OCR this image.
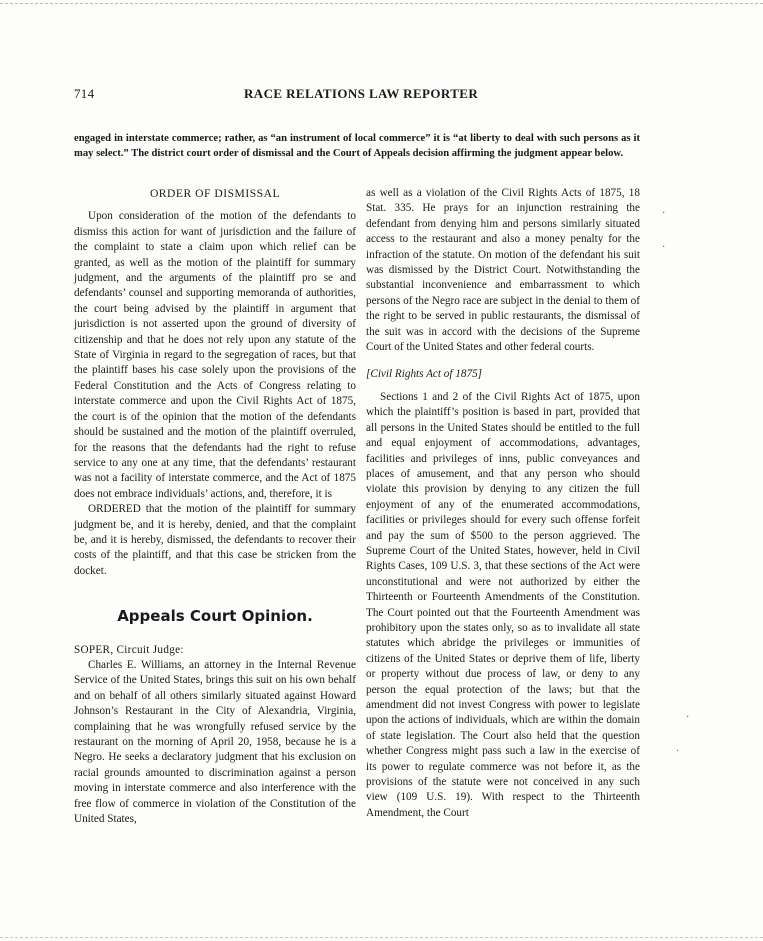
714	RACE RELATIONS LAW REPORTER
engaged in interstate commerce; rather, as “an instrument of local commerce” it is “at liberty to deal with such persons as it may select.” The district court order of dismissal and the Court of Appeals decision affirming the judgment appear below.
ORDER OF DISMISSAL

Upon consideration of the motion of the defendants to dismiss this action for want of jurisdiction and the failure of the complaint to state a claim upon which relief can be granted, as well as the motion of the plaintiff for summary judgment, and the arguments of the plaintiff pro se and defendants’ counsel and supporting memoranda of authorities, the court being advised by the plaintiff in argument that jurisdiction is not asserted upon the ground of diversity of citizenship and that he does not rely upon any statute of the State of Virginia in regard to the segregation of races, but that the plaintiff bases his case solely upon the provisions of the Federal Constitution and the Acts of Congress relating to interstate commerce and upon the Civil Rights Act of 1875, the court is of the opinion that the motion of the defendants should be sustained and the motion of the plaintiff overruled, for the reasons that the defendants had the right to refuse service to any one at any time, that the defendants’ restaurant was not a facility of interstate commerce, and the Act of 1875 does not embrace individuals’ actions, and, therefore, it is

ORDERED that the motion of the plaintiff for summary judgment be, and it is hereby, denied, and that the complaint be, and it is hereby, dismissed, the defendants to recover their costs of the plaintiff, and that this case be stricken from the docket.

Appeals Court Opinion.

SOPER, Circuit Judge:

Charles E. Williams, an attorney in the Internal Revenue Service of the United States, brings this suit on his own behalf and on behalf of all others similarly situated against Howard Johnson’s Restaurant in the City of Alexandria, Virginia, complaining that he was wrongfully refused service by the restaurant on the morning of April 20, 1958, because he is a Negro. He seeks a declaratory judgment that his exclusion on racial grounds amounted to discrimination against a person moving in interstate commerce and also interference with the free flow of commerce in violation of the Constitution of the United States,

as well as a violation of the Civil Rights Acts of 1875, 18 Stat. 335. He prays for an injunction restraining the defendant from denying him and persons similarly situated access to the restaurant and also a money penalty for the infraction of the statute. On motion of the defendant his suit was dismissed by the District Court. Notwithstanding the substantial inconvenience and embarrassment to which persons of the Negro race are subject in the denial to them of the right to be served in public restaurants, the dismissal of the suit was in accord with the decisions of the Supreme Court of the United States and other federal courts.

[Civil Rights Act of 1875]

Sections 1 and 2 of the Civil Rights Act of 1875, upon which the plaintiff’s position is based in part, provided that all persons in the United States should be entitled to the full and equal enjoyment of accommodations, advantages, facilities and privileges of inns, public conveyances and places of amusement, and that any person who should violate this provision by denying to any citizen the full enjoyment of any of the enumerated accommodations, facilities or privileges should for every such offense forfeit and pay the sum of $500 to the person aggrieved. The Supreme Court of the United States, however, held in Civil Rights Cases, 109 U.S. 3, that these sections of the Act were unconstitutional and were not authorized by either the Thirteenth or Fourteenth Amendments of the Constitution. The Court pointed out that the Fourteenth Amendment was prohibitory upon the states only, so as to invalidate all state statutes which abridge the privileges or immunities of citizens of the United States or deprive them of life, liberty or property without due process of law, or deny to any person the equal protection of the laws; but that the amendment did not invest Congress with power to legislate upon the actions of individuals, which are within the domain of state legislation. The Court also held that the question whether Congress might pass such a law in the exercise of its power to regulate commerce was not before it, as the provisions of the statute were not conceived in any such view (109 U.S. 19). With respect to the Thirteenth Amendment, the Court

·
·
·
·
